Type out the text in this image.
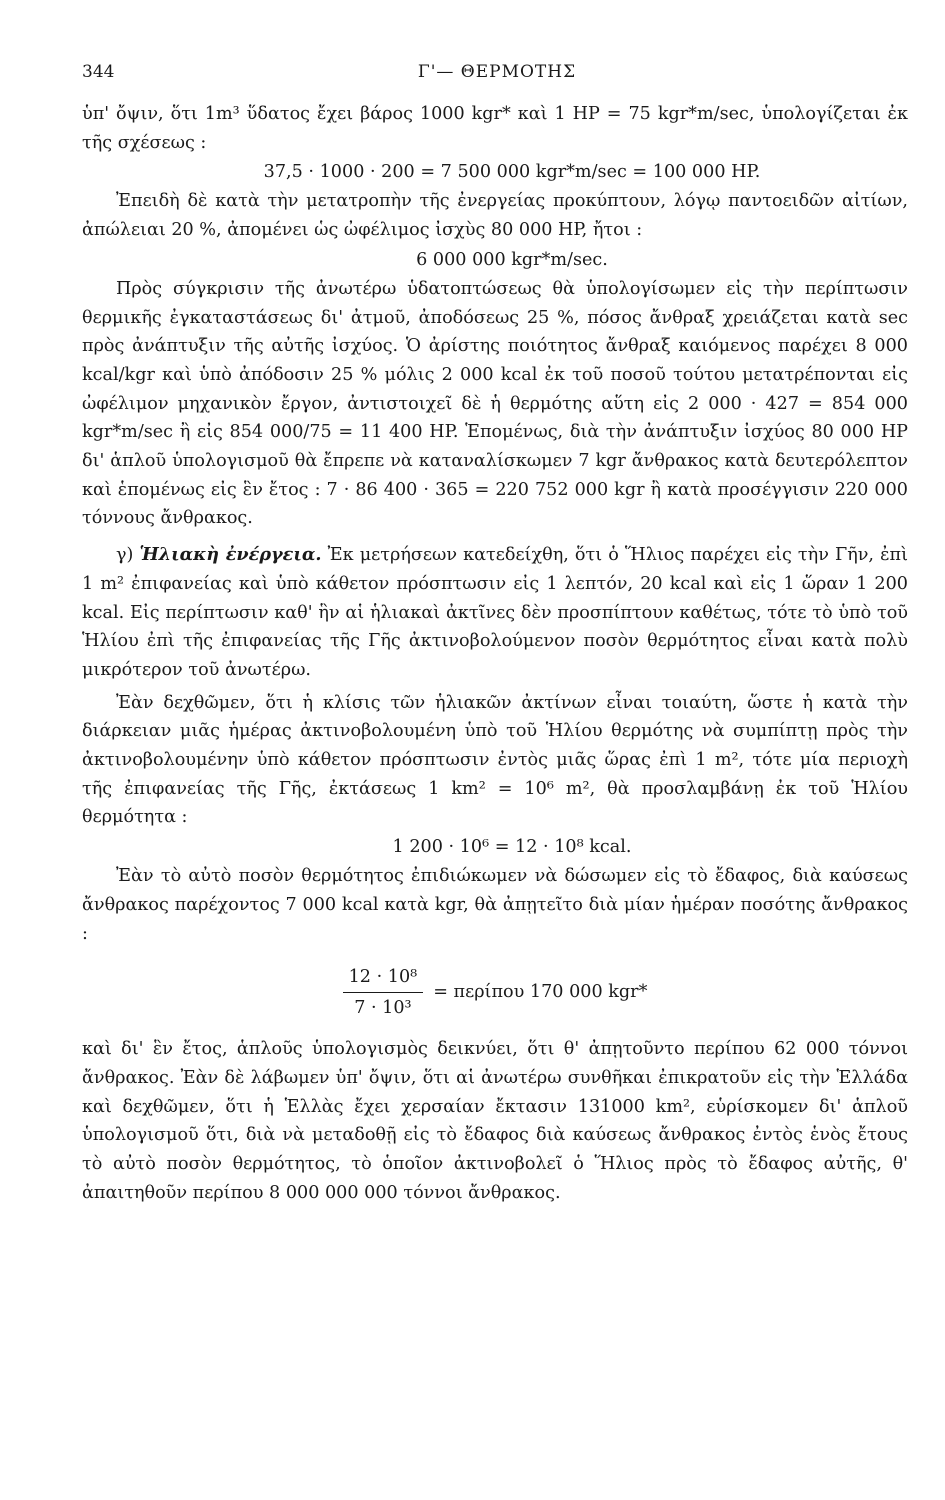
344	Γ'— ΘΕΡΜΟΤΗΣ

ὑπ' ὄψιν, ὅτι 1m³ ὕδατος ἔχει βάρος 1000 kgr* καὶ 1 HP = 75 kgr*m/sec, ὑπολογίζεται ἐκ τῆς σχέσεως :

37,5 · 1000 · 200 = 7 500 000 kgr*m/sec = 100 000 HP.

Ἐπειδὴ δὲ κατὰ τὴν μετατροπὴν τῆς ἐνεργείας προκύπτουν, λόγῳ παντοειδῶν αἰτίων, ἀπώλειαι 20 %, ἀπομένει ὡς ὠφέλιμος ἰσχὺς 80 000 HP, ἤτοι :

6 000 000 kgr*m/sec.

Πρὸς σύγκρισιν τῆς ἀνωτέρω ὑδατοπτώσεως θὰ ὑπολογίσωμεν εἰς τὴν περίπτωσιν θερμικῆς ἐγκαταστάσεως δι' ἀτμοῦ, ἀποδόσεως 25 %, πόσος ἄνθραξ χρειάζεται κατὰ sec πρὸς ἀνάπτυξιν τῆς αὐτῆς ἰσχύος. Ὁ ἀρίστης ποιότητος ἄνθραξ καιόμενος παρέχει 8 000 kcal/kgr καὶ ὑπὸ ἀπόδοσιν 25 % μόλις 2 000 kcal ἐκ τοῦ ποσοῦ τούτου μετατρέπονται εἰς ὠφέλιμον μηχανικὸν ἔργον, ἀντιστοιχεῖ δὲ ἡ θερμότης αὕτη εἰς 2 000 · 427 = 854 000 kgr*m/sec ἢ εἰς 854 000/75 = 11 400 HP. Ἑπομένως, διὰ τὴν ἀνάπτυξιν ἰσχύος 80 000 HP δι' ἁπλοῦ ὑπολογισμοῦ θὰ ἔπρεπε νὰ καταναλίσκωμεν 7 kgr ἄνθρακος κατὰ δευτερόλεπτον καὶ ἑπομένως εἰς ἓν ἔτος : 7 · 86 400 · 365 = 220 752 000 kgr ἢ κατὰ προσέγγισιν 220 000 τόννους ἄνθρακος.

γ) Ἡλιακὴ ἐνέργεια. Ἐκ μετρήσεων κατεδείχθη, ὅτι ὁ Ἥλιος παρέχει εἰς τὴν Γῆν, ἐπὶ 1 m² ἐπιφανείας καὶ ὑπὸ κάθετον πρόσπτωσιν εἰς 1 λεπτόν, 20 kcal καὶ εἰς 1 ὥραν 1 200 kcal. Εἰς περίπτωσιν καθ' ἣν αἱ ἡλιακαὶ ἀκτῖνες δὲν προσπίπτουν καθέτως, τότε τὸ ὑπὸ τοῦ Ἡλίου ἐπὶ τῆς ἐπιφανείας τῆς Γῆς ἀκτινοβολούμενον ποσὸν θερμότητος εἶναι κατὰ πολὺ μικρότερον τοῦ ἀνωτέρω.

Ἐὰν δεχθῶμεν, ὅτι ἡ κλίσις τῶν ἡλιακῶν ἀκτίνων εἶναι τοιαύτη, ὥστε ἡ κατὰ τὴν διάρκειαν μιᾶς ἡμέρας ἀκτινοβολουμένη ὑπὸ τοῦ Ἡλίου θερμότης νὰ συμπίπτῃ πρὸς τὴν ἀκτινοβολουμένην ὑπὸ κάθετον πρόσπτωσιν ἐντὸς μιᾶς ὥρας ἐπὶ 1 m², τότε μία περιοχὴ τῆς ἐπιφανείας τῆς Γῆς, ἐκτάσεως 1 km² = 10⁶ m², θὰ προσλαμβάνῃ ἐκ τοῦ Ἡλίου θερμότητα :

1 200 · 10⁶ = 12 · 10⁸ kcal.

Ἐὰν τὸ αὐτὸ ποσὸν θερμότητος ἐπιδιώκωμεν νὰ δώσωμεν εἰς τὸ ἔδαφος, διὰ καύσεως ἄνθρακος παρέχοντος 7 000 kcal κατὰ kgr, θὰ ἀπῃτεῖτο διὰ μίαν ἡμέραν ποσότης ἄνθρακος :

$\frac{\text{12 · 10⁸}}{\text{7 · 10³}} = \pi\varepsilon\rho ί\pi o\upsilon$ 170 000 kgr*

καὶ δι' ἓν ἔτος, ἁπλοῦς ὑπολογισμὸς δεικνύει, ὅτι θ' ἀπῃτοῦντο περίπου 62 000 τόννοι ἄνθρακος. Ἐὰν δὲ λάβωμεν ὑπ' ὄψιν, ὅτι αἱ ἀνωτέρω συνθῆκαι ἐπικρατοῦν εἰς τὴν Ἑλλάδα καὶ δεχθῶμεν, ὅτι ἡ Ἑλλὰς ἔχει χερσαίαν ἔκτασιν 131000 km², εὑρίσκομεν δι' ἁπλοῦ ὑπολογισμοῦ ὅτι, διὰ νὰ μεταδοθῇ εἰς τὸ ἔδαφος διὰ καύσεως ἄνθρακος ἐντὸς ἑνὸς ἔτους τὸ αὐτὸ ποσὸν θερμότητος, τὸ ὁποῖον ἀκτινοβολεῖ ὁ Ἥλιος πρὸς τὸ ἔδαφος αὐτῆς, θ' ἀπαιτηθοῦν περίπου 8 000 000 000 τόννοι ἄνθρακος.
